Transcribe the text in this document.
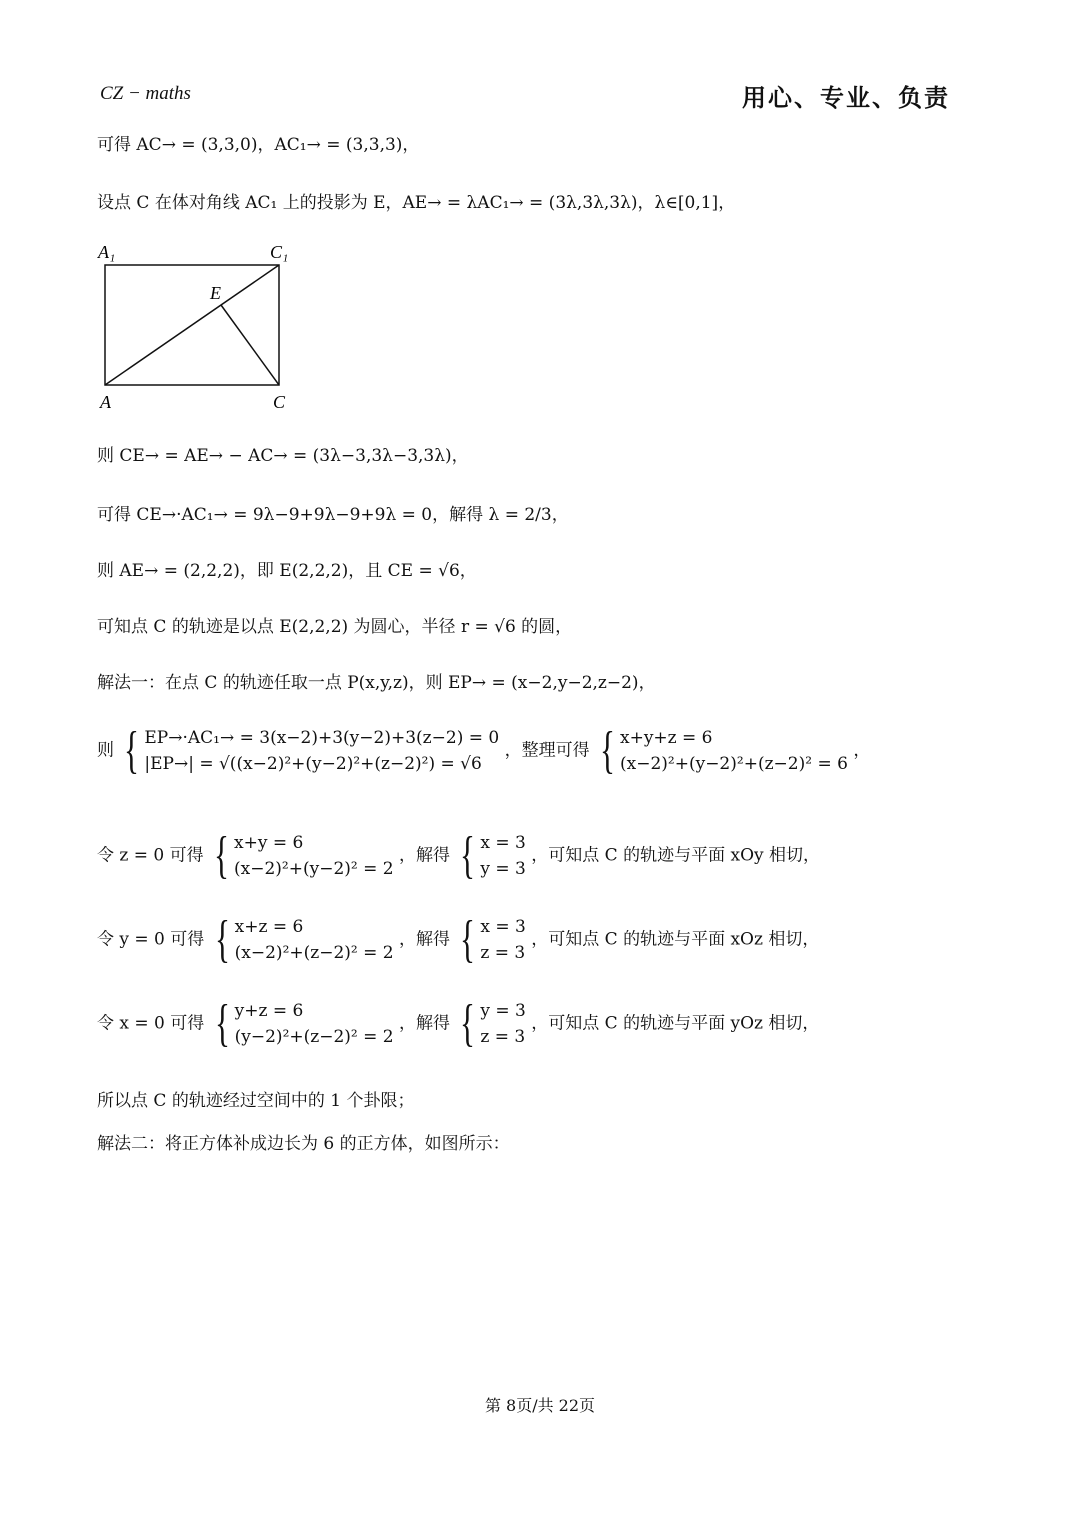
CZ − maths	用心、专业、负责
可得 AC→ = (3,3,0)，AC₁→ = (3,3,3)，
设点 C 在体对角线 AC₁ 上的投影为 E，AE→ = λAC₁→ = (3λ,3λ,3λ)，λ∈[0,1]，
A₁	C₁
E
A	C
则 CE→ = AE→ − AC→ = (3λ−3,3λ−3,3λ)，
可得 CE→·AC₁→ = 9λ−9+9λ−9+9λ = 0，解得 λ = 2/3，
则 AE→ = (2,2,2)，即 E(2,2,2)，且 CE = √6，
可知点 C 的轨迹是以点 E(2,2,2) 为圆心，半径 r = √6 的圆，
解法一：在点 C 的轨迹任取一点 P(x,y,z)，则 EP→ = (x−2,y−2,z−2)，
则 { EP→·AC₁→ = 3(x−2)+3(y−2)+3(z−2) = 0
|EP→| = √((x−2)²+(y−2)²+(z−2)²) = √6
，整理可得 { x+y+z = 6
(x−2)²+(y−2)²+(z−2)² = 6
，
令 z = 0 可得 { x+y = 6
(x−2)²+(y−2)² = 2
，解得 { x = 3
y = 3
，可知点 C 的轨迹与平面 xOy 相切，
令 y = 0 可得 { x+z = 6
(x−2)²+(z−2)² = 2
，解得 { x = 3
z = 3
，可知点 C 的轨迹与平面 xOz 相切，
令 x = 0 可得 { y+z = 6
(y−2)²+(z−2)² = 2
，解得 { y = 3
z = 3
，可知点 C 的轨迹与平面 yOz 相切，
所以点 C 的轨迹经过空间中的 1 个卦限；
解法二：将正方体补成边长为 6 的正方体，如图所示：
第 8页/共 22页
